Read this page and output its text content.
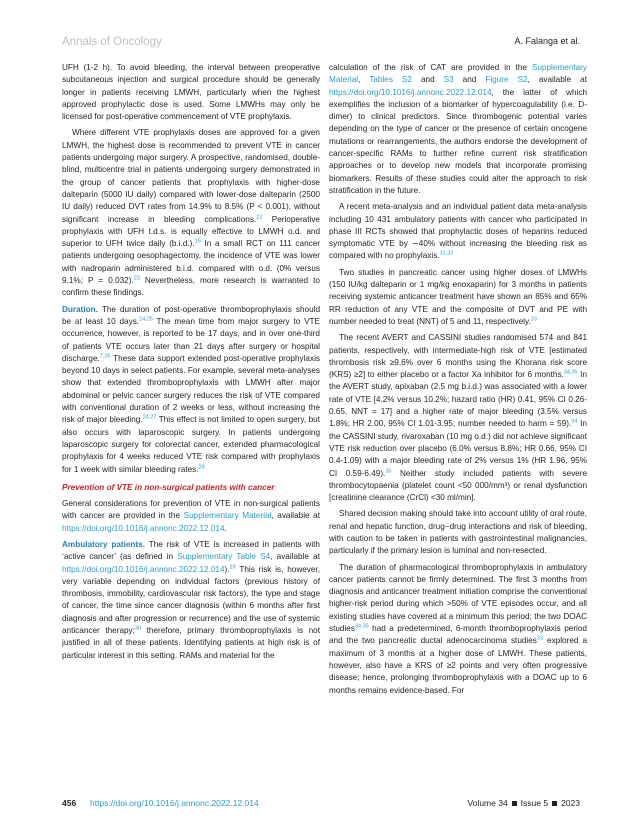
Annals of Oncology	A. Falanga et al.

UFH (1-2 h). To avoid bleeding, the interval between preoperative subcutaneous injection and surgical procedure should be generally longer in patients receiving LMWH, particularly when the highest approved prophylactic dose is used. Some LMWHs may only be licensed for post-operative commencement of VTE prophylaxis.

Where different VTE prophylaxis doses are approved for a given LMWH, the highest dose is recommended to prevent VTE in cancer patients undergoing major surgery. A prospective, randomised, double-blind, multicentre trial in patients undergoing surgery demonstrated in the group of cancer patients that prophylaxis with higher-dose dalteparin (5000 IU daily) compared with lower-dose dalteparin (2500 IU daily) reduced DVT rates from 14.9% to 8.5% (P < 0.001), without significant increase in bleeding complications.$^{22}$ Perioperative prophylaxis with UFH t.d.s. is equally effective to LMWH o.d. and superior to UFH twice daily (b.i.d.).$^{16}$ In a small RCT on 111 cancer patients undergoing oesophagectomy, the incidence of VTE was lower with nadroparin administered b.i.d. compared with o.d. (0% versus 9.1%; P = 0.032).$^{23}$ Nevertheless, more research is warranted to confirm these findings.

Duration. The duration of post-operative thromboprophylaxis should be at least 10 days.$^{24,25}$ The mean time from major surgery to VTE occurrence, however, is reported to be 17 days, and in over one-third of patients VTE occurs later than 21 days after surgery or hospital discharge.$^{7,26}$ These data support extended post-operative prophylaxis beyond 10 days in select patients. For example, several meta-analyses show that extended thromboprophylaxis with LMWH after major abdominal or pelvic cancer surgery reduces the risk of VTE compared with conventional duration of 2 weeks or less, without increasing the risk of major bleeding.$^{24,27}$ This effect is not limited to open surgery, but also occurs with laparoscopic surgery. In patients undergoing laparoscopic surgery for colorectal cancer, extended pharmacological prophylaxis for 4 weeks reduced VTE risk compared with prophylaxis for 1 week with similar bleeding rates.$^{28}$

Prevention of VTE in non-surgical patients with cancer

General considerations for prevention of VTE in non-surgical patients with cancer are provided in the Supplementary Material, available at https://doi.org/10.1016/j.annonc.2022.12.014.

Ambulatory patients. The risk of VTE is increased in patients with ‘active cancer’ (as defined in Supplementary Table S4, available at https://doi.org/10.1016/j.annonc.2022.12.014).$^{29}$ This risk is, however, very variable depending on individual factors (previous history of thrombosis, immobility, cardiovascular risk factors), the type and stage of cancer, the time since cancer diagnosis (within 6 months after first diagnosis and after progression or recurrence) and the use of systemic anticancer therapy;$^{30}$ therefore, primary thromboprophylaxis is not justified in all of these patients. Identifying patients at high risk is of particular interest in this setting. RAMs and material for the

calculation of the risk of CAT are provided in the Supplementary Material, Tables S2 and S3 and Figure S2, available at https://doi.org/10.1016/j.annonc.2022.12.014, the latter of which exemplifies the inclusion of a biomarker of hypercoagulability (i.e. D-dimer) to clinical predictors. Since thrombogenic potential varies depending on the type of cancer or the presence of certain oncogene mutations or rearrangements, the authors endorse the development of cancer-specific RAMs to further refine current risk stratification approaches or to develop new models that incorporate promising biomarkers. Results of these studies could alter the approach to risk stratification in the future.

A recent meta-analysis and an individual patient data meta-analysis including 10 431 ambulatory patients with cancer who participated in phase III RCTs showed that prophylactic doses of heparins reduced symptomatic VTE by ∼40% without increasing the bleeding risk as compared with no prophylaxis.$^{31,32}$

Two studies in pancreatic cancer using higher doses of LMWHs (150 IU/kg dalteparin or 1 mg/kg enoxaparin) for 3 months in patients receiving systemic anticancer treatment have shown an 85% and 65% RR reduction of any VTE and the composite of DVT and PE with number needed to treat (NNT) of 5 and 11, respectively.$^{33}$

The recent AVERT and CASSINI studies randomised 574 and 841 patients, respectively, with intermediate-high risk of VTE [estimated thrombosis risk ≥9.6% over 6 months using the Khorana risk score (KRS) ≥2] to either placebo or a factor Xa inhibitor for 6 months.$^{34,35}$ In the AVERT study, apixaban (2.5 mg b.i.d.) was associated with a lower rate of VTE [4.2% versus 10.2%; hazard ratio (HR) 0.41, 95% CI 0.26-0.65, NNT = 17] and a higher rate of major bleeding (3.5% versus 1.8%; HR 2.00, 95% CI 1.01-3.95; number needed to harm = 59).$^{34}$ In the CASSINI study, rivaroxaban (10 mg o.d.) did not achieve significant VTE risk reduction over placebo (6.0% versus 8.8%; HR 0.66, 95% CI 0.4-1.09) with a major bleeding rate of 2% versus 1% (HR 1.96, 95% CI 0.59-6.49).$^{35}$ Neither study included patients with severe thrombocytopaenia (platelet count <50 000/mm³) or renal dysfunction [creatinine clearance (CrCl) <30 ml/min].

Shared decision making should take into account utility of oral route, renal and hepatic function, drug−drug interactions and risk of bleeding, with caution to be taken in patients with gastrointestinal malignancies, particularly if the primary lesion is luminal and non-resected.

The duration of pharmacological thromboprophylaxis in ambulatory cancer patients cannot be firmly determined. The first 3 months from diagnosis and anticancer treatment initiation comprise the conventional higher-risk period during which >50% of VTE episodes occur, and all existing studies have covered at a minimum this period; the two DOAC studies$^{34,35}$ had a predetermined, 6-month thromboprophylaxis period and the two pancreatic ductal adenocarcinoma studies$^{33}$ explored a maximum of 3 months at a higher dose of LMWH. These patients, however, also have a KRS of ≥2 points and very often progressive disease; hence, prolonging thromboprophylaxis with a DOAC up to 6 months remains evidence-based. For

456 https://doi.org/10.1016/j.annonc.2022.12.014	Volume 34 Issue 5 2023
